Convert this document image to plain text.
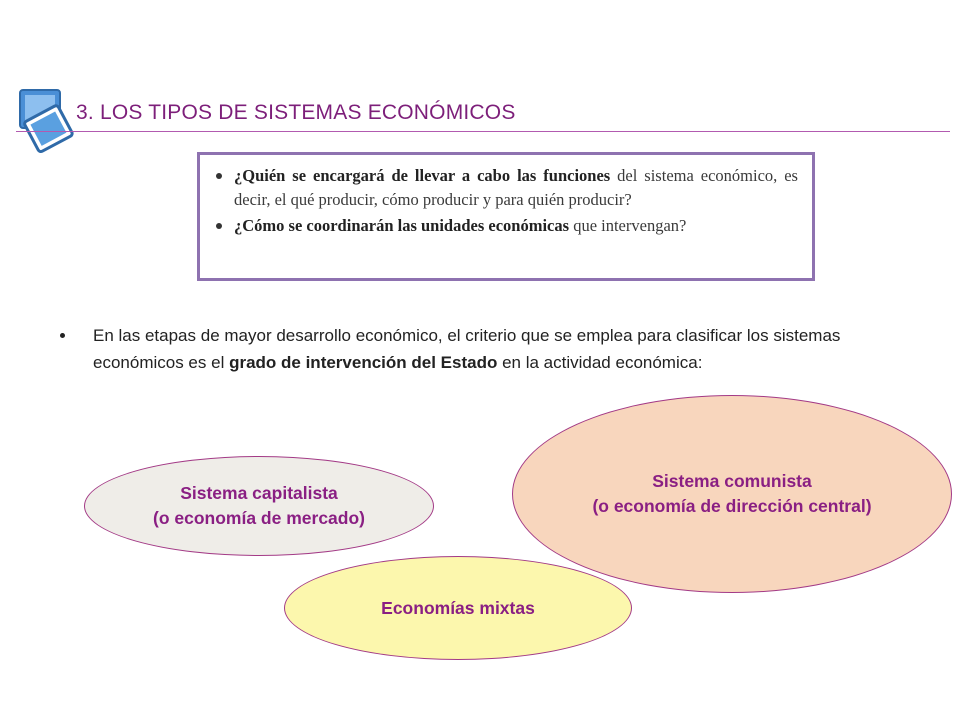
3. LOS TIPOS DE SISTEMAS ECONÓMICOS
¿Quién se encargará de llevar a cabo las funciones del sistema económico, es decir, el qué producir, cómo producir y para quién producir?
¿Cómo se coordinarán las unidades económicas que intervengan?
En las etapas de mayor desarrollo económico, el criterio que se emplea para clasificar los sistemas económicos es el grado de intervención del Estado en la actividad económica:
Sistema comunista
(o economía de dirección central)
Sistema capitalista
(o economía de mercado)
Economías mixtas
